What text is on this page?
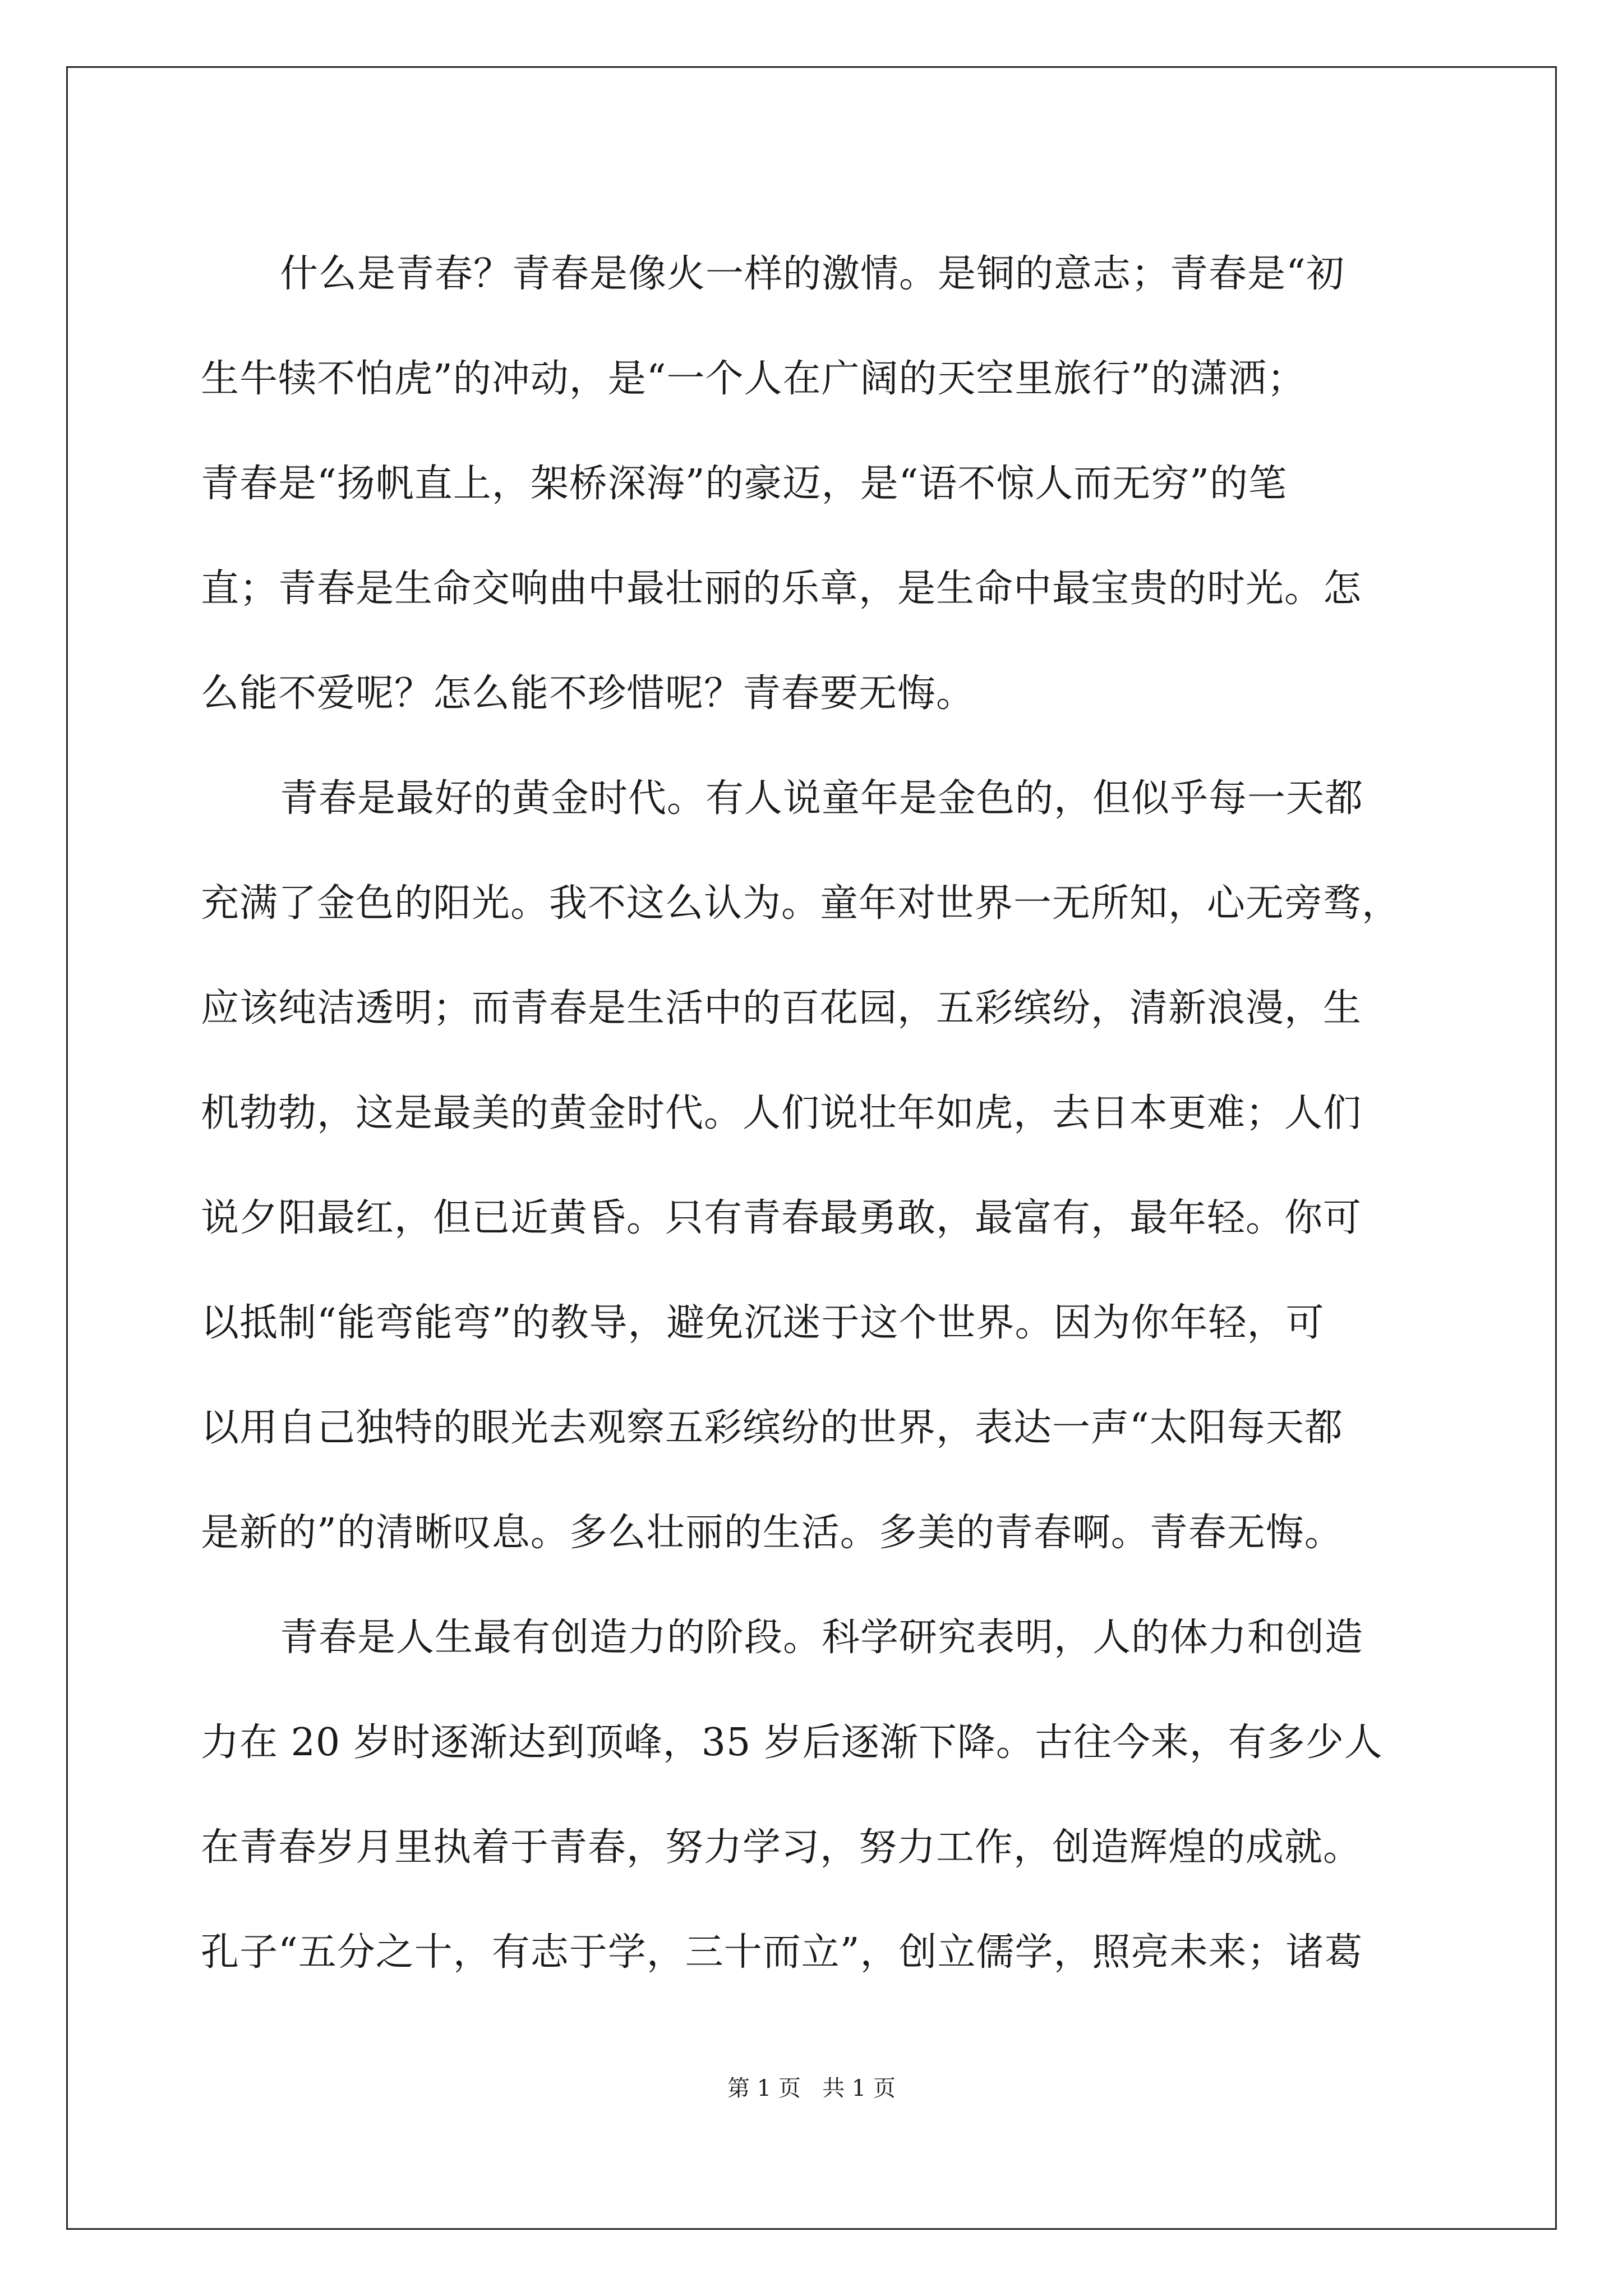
什么是青春？青春是像火一样的激情。是铜的意志；青春是“初
生牛犊不怕虎”的冲动，是“一个人在广阔的天空里旅行”的潇洒；
青春是“扬帆直上，架桥深海”的豪迈，是“语不惊人而无穷”的笔
直；青春是生命交响曲中最壮丽的乐章，是生命中最宝贵的时光。怎
么能不爱呢？怎么能不珍惜呢？青春要无悔。

青春是最好的黄金时代。有人说童年是金色的，但似乎每一天都
充满了金色的阳光。我不这么认为。童年对世界一无所知，心无旁骛，
应该纯洁透明；而青春是生活中的百花园，五彩缤纷，清新浪漫，生
机勃勃，这是最美的黄金时代。人们说壮年如虎，去日本更难；人们
说夕阳最红，但已近黄昏。只有青春最勇敢，最富有，最年轻。你可
以抵制“能弯能弯”的教导，避免沉迷于这个世界。因为你年轻，可
以用自己独特的眼光去观察五彩缤纷的世界，表达一声“太阳每天都
是新的”的清晰叹息。多么壮丽的生活。多美的青春啊。青春无悔。

青春是人生最有创造力的阶段。科学研究表明，人的体力和创造
力在 20 岁时逐渐达到顶峰，35 岁后逐渐下降。古往今来，有多少人
在青春岁月里执着于青春，努力学习，努力工作，创造辉煌的成就。
孔子“五分之十，有志于学，三十而立”，创立儒学，照亮未来；诸葛

第 1 页 共 1 页
